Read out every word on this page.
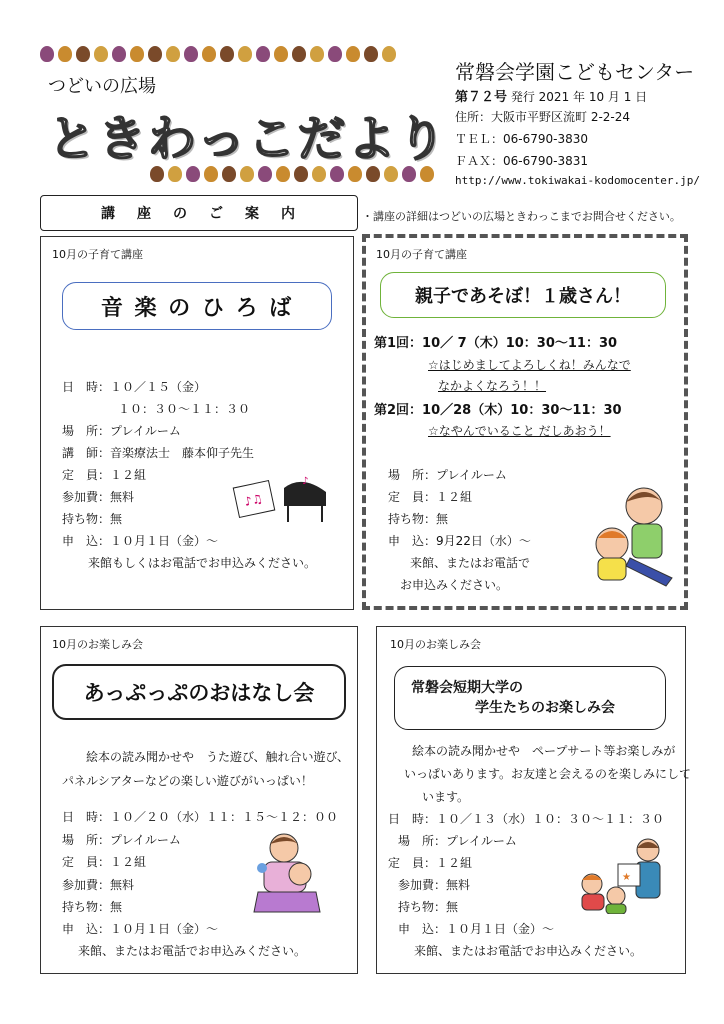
つどいの広場
ときわっこだより
常磐会学園こどもセンター
第７２号 発行 2021 年 10 月 1 日
住所：大阪市平野区流町 2-2-24
ＴＥＬ：06-6790-3830
ＦＡＸ：06-6790-3831
http://www.tokiwakai-kodomocenter.jp/
講座のご案内	・講座の詳細はつどいの広場ときわっこまでお問合せください。
10月の子育て講座
音 楽 の ひ ろ ば
日　時：１０／１５（金）
１０：３０～１１：３０
場　所：プレイルーム
講　師：音楽療法士　藤本仰子先生
定　員：１２組
参加費：無料
持ち物：無
申　込：１０月１日（金）～
来館もしくはお電話でお申込みください。
♪♫
♪
10月の子育て講座
親子であそぼ！１歳さん！
第1回：10／ 7（木）10：30～11：30
☆はじめましてよろしくね！みんなで
なかよくなろう！！
第2回：10／28（木）10：30～11：30
☆なやんでいること だしあおう！
場　所：プレイルーム
定　員：１２組
持ち物：無
申　込：9月22日（水）～
来館、またはお電話で
お申込みください。
10月のお楽しみ会
あっぷっぷのおはなし会
絵本の読み聞かせや　うた遊び、触れ合い遊び、
パネルシアターなどの楽しい遊びがいっぱい！
日　時：１０／２０（水）１１：１５～１２：００
場　所：プレイルーム
定　員：１２組
参加費：無料
持ち物：無
申　込：１０月１日（金）～
来館、またはお電話でお申込みください。
10月のお楽しみ会
常磐会短期大学の
学生たちのお楽しみ会
絵本の読み聞かせや　ペープサート等お楽しみが
いっぱいあります。お友達と会えるのを楽しみにして
います。
日　時：１０／１３（水）１０：３０～１１：３０
場　所：プレイルーム
定　員：１２組
参加費：無料
持ち物：無
申　込：１０月１日（金）～
来館、またはお電話でお申込みください。
★
